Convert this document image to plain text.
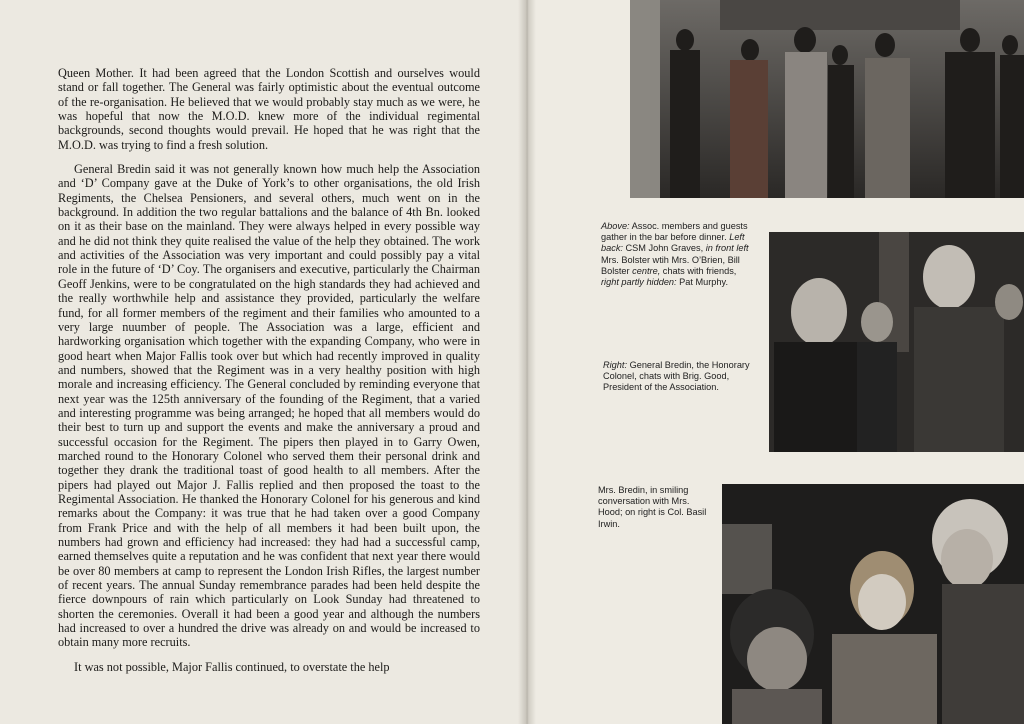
Queen Mother. It had been agreed that the London Scottish and ourselves would stand or fall together. The General was fairly optimistic about the eventual outcome of the re-organisation. He believed that we would probably stay much as we were, he was hopeful that now the M.O.D. knew more of the individual regimental backgrounds, second thoughts would prevail. He hoped that he was right that the M.O.D. was trying to find a fresh solution.

General Bredin said it was not generally known how much help the Association and ‘D’ Company gave at the Duke of York’s to other organisations, the old Irish Regiments, the Chelsea Pensioners, and several others, much went on in the background. In addition the two regular battalions and the balance of 4th Bn. looked on it as their base on the mainland. They were always helped in every possible way and he did not think they quite realised the value of the help they obtained. The work and activities of the Association was very important and could possibly pay a vital role in the future of ‘D’ Coy. The organisers and executive, particularly the Chairman Geoff Jenkins, were to be congratulated on the high standards they had achieved and the really worthwhile help and assistance they provided, particularly the welfare fund, for all former members of the regiment and their families who amounted to a very large nuumber of people. The Association was a large, efficient and hardworking organisation which together with the expanding Company, who were in good heart when Major Fallis took over but which had recently improved in quality and numbers, showed that the Regiment was in a very healthy position with high morale and increasing efficiency. The General concluded by reminding everyone that next year was the 125th anniversary of the founding of the Regiment, that a varied and interesting programme was being arranged; he hoped that all members would do their best to turn up and support the events and make the anniversary a proud and successful occasion for the Regiment. The pipers then played in to Garry Owen, marched round to the Honorary Colonel who served them their personal drink and together they drank the traditional toast of good health to all members. After the pipers had played out Major J. Fallis replied and then proposed the toast to the Regimental Association. He thanked the Honorary Colonel for his generous and kind remarks about the Company: it was true that he had taken over a good Company from Frank Price and with the help of all members it had been built upon, the numbers had grown and efficiency had increased: they had had a successful camp, earned themselves quite a reputation and he was confident that next year there would be over 80 members at camp to represent the London Irish Rifles, the largest number of recent years. The annual Sunday remembrance parades had been held despite the fierce downpours of rain which particularly on Look Sunday had threatened to shorten the ceremonies. Overall it had been a good year and although the numbers had increased to over a hundred the drive was already on and would be increased to obtain many more recruits.

It was not possible, Major Fallis continued, to overstate the help

Above: Assoc. members and guests gather in the bar before dinner. Left back: CSM John Graves, in front left Mrs. Bolster wtih Mrs. O’Brien, Bill Bolster centre, chats with friends, right partly hidden: Pat Murphy.
Right: General Bredin, the Honorary Colonel, chats with Brig. Good, President of the Association.
Mrs. Bredin, in smiling conversation with Mrs. Hood; on right is Col. Basil Irwin.
